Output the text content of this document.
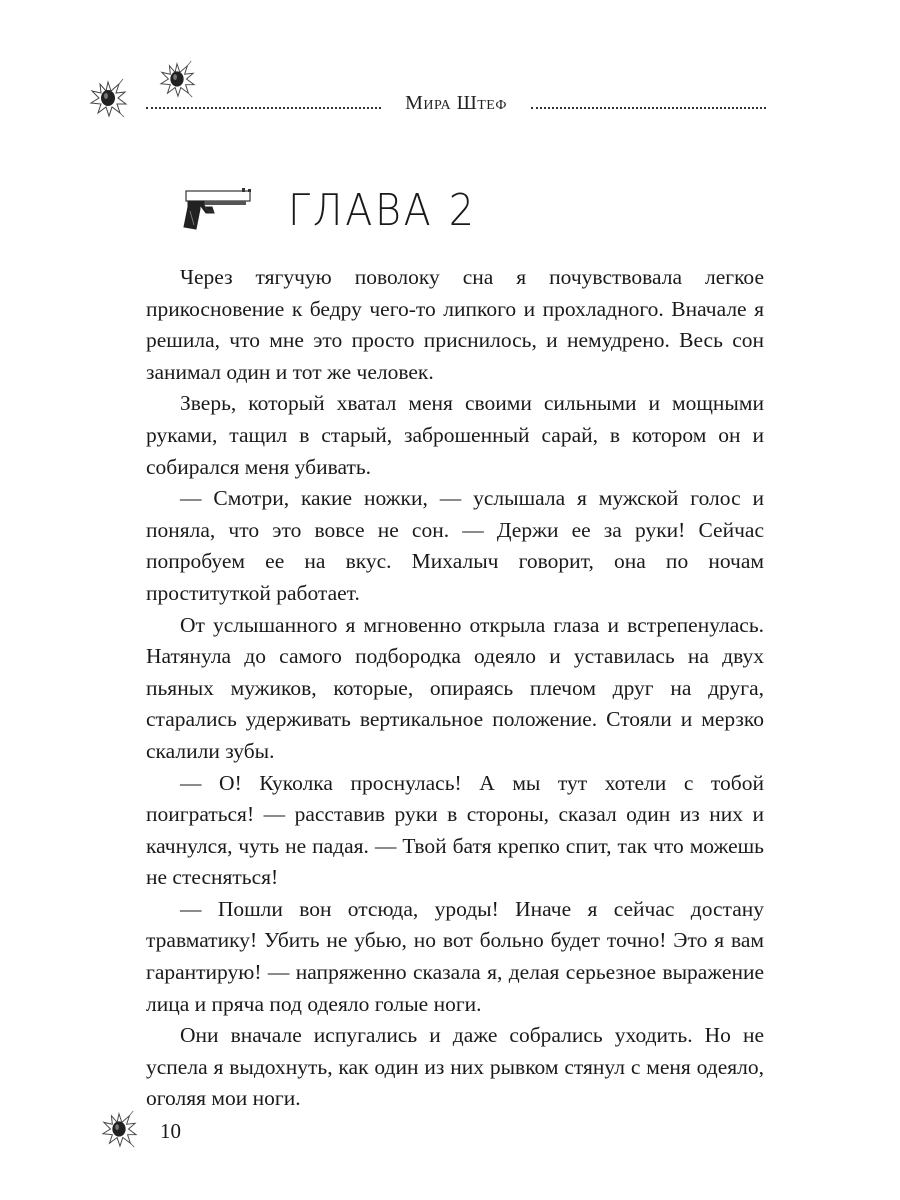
Мира Штеф
ГЛАВА 2

Через тягучую поволоку сна я почувствовала легкое прикосновение к бедру чего-то липкого и прохладного. Вначале я решила, что мне это просто приснилось, и немудрено. Весь сон занимал один и тот же человек.

Зверь, который хватал меня своими сильными и мощными руками, тащил в старый, заброшенный сарай, в котором он и собирался меня убивать.

— Смотри, какие ножки, — услышала я мужской голос и поняла, что это вовсе не сон. — Держи ее за руки! Сейчас попробуем ее на вкус. Михалыч говорит, она по ночам проституткой работает.

От услышанного я мгновенно открыла глаза и встрепенулась. Натянула до самого подбородка одеяло и уставилась на двух пьяных мужиков, которые, опираясь плечом друг на друга, старались удерживать вертикальное положение. Стояли и мерзко скалили зубы.

— О! Куколка проснулась! А мы тут хотели с тобой поиграться! — расставив руки в стороны, сказал один из них и качнулся, чуть не падая. — Твой батя крепко спит, так что можешь не стесняться!

— Пошли вон отсюда, уроды! Иначе я сейчас достану травматику! Убить не убью, но вот больно будет точно! Это я вам гарантирую! — напряженно сказала я, делая серьезное выражение лица и пряча под одеяло голые ноги.

Они вначале испугались и даже собрались уходить. Но не успела я выдохнуть, как один из них рывком стянул с меня одеяло, оголяя мои ноги.

10
